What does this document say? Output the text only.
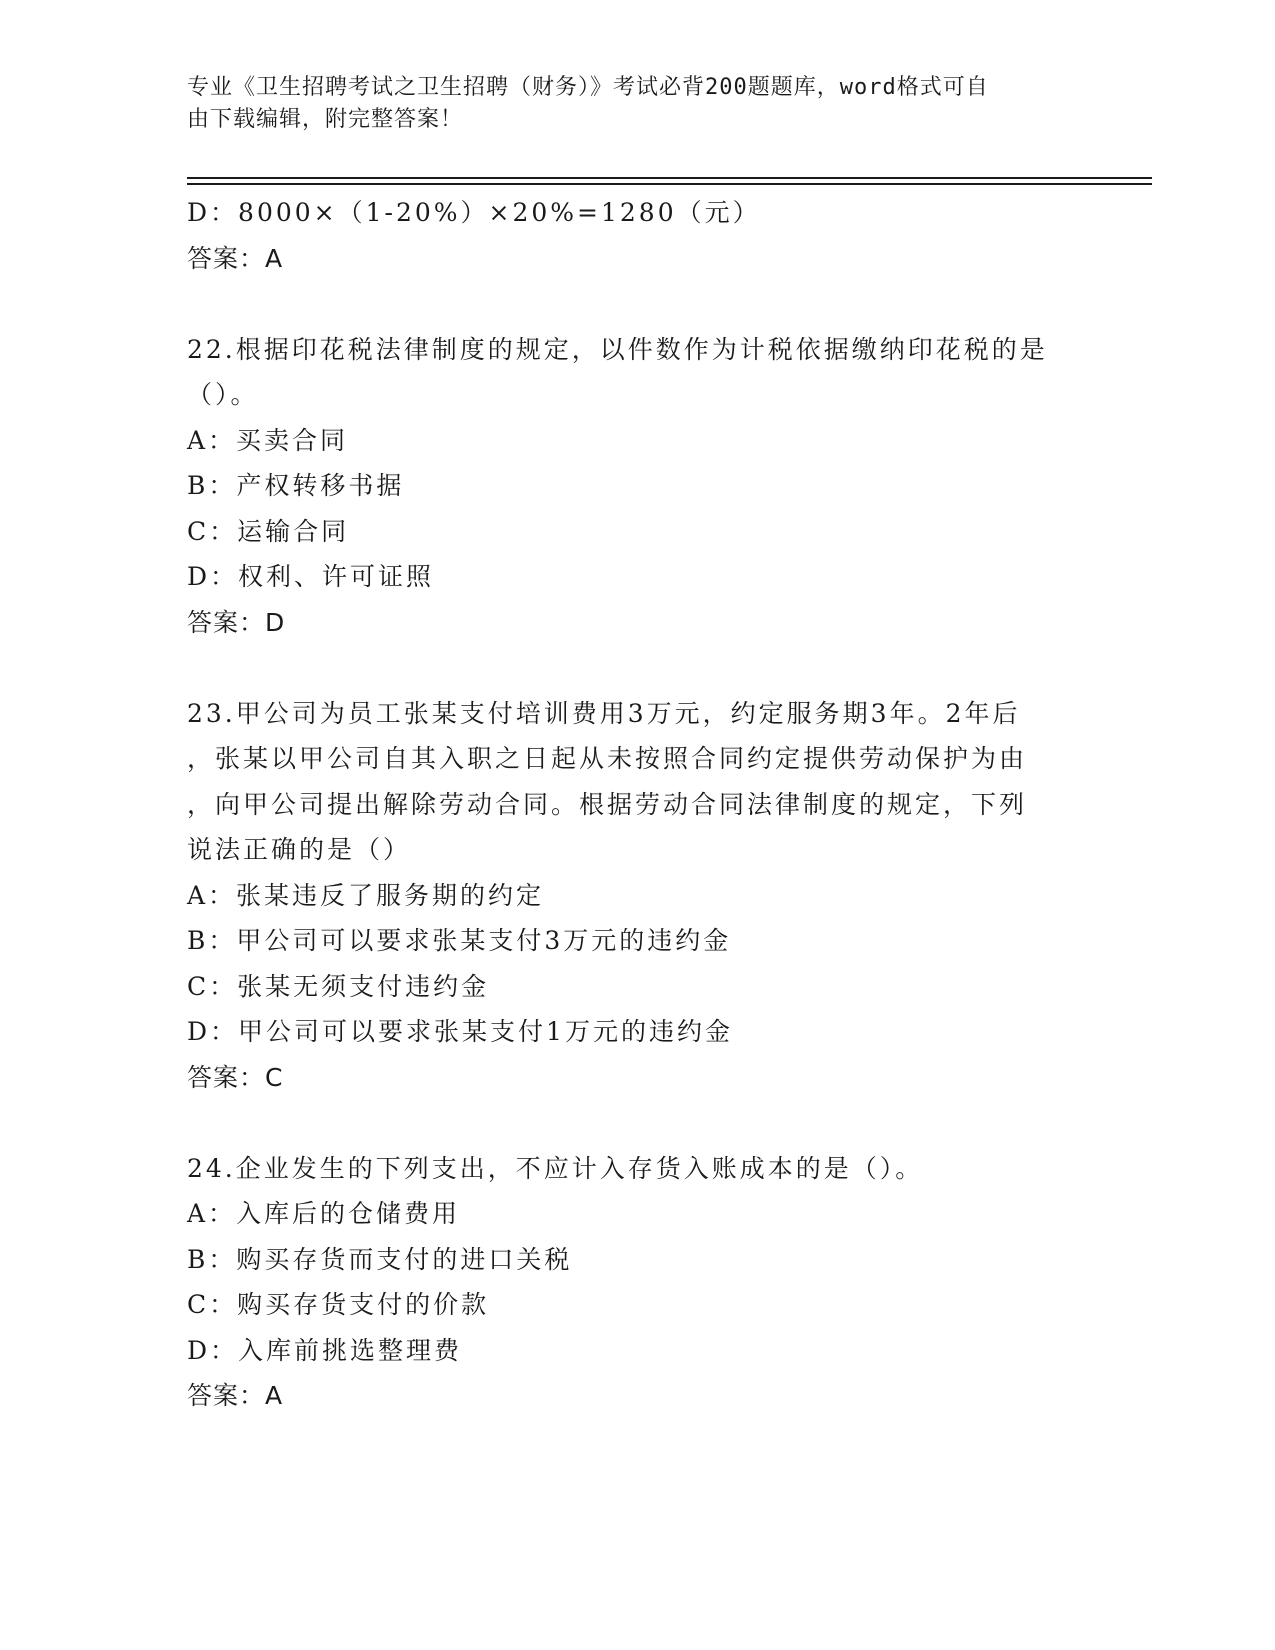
专业《卫生招聘考试之卫生招聘（财务）》考试必背200题题库，word格式可自
由下载编辑，附完整答案！
D：8000×（1-20%）×20%=1280（元）
答案：A
22.根据印花税法律制度的规定，以件数作为计税依据缴纳印花税的是
（）。
A：买卖合同
B：产权转移书据
C：运输合同
D：权利、许可证照
答案：D
23.甲公司为员工张某支付培训费用3万元，约定服务期3年。2年后
，张某以甲公司自其入职之日起从未按照合同约定提供劳动保护为由
，向甲公司提出解除劳动合同。根据劳动合同法律制度的规定，下列
说法正确的是（）
A：张某违反了服务期的约定
B：甲公司可以要求张某支付3万元的违约金
C：张某无须支付违约金
D：甲公司可以要求张某支付1万元的违约金
答案：C
24.企业发生的下列支出，不应计入存货入账成本的是（）。
A：入库后的仓储费用
B：购买存货而支付的进口关税
C：购买存货支付的价款
D：入库前挑选整理费
答案：A
